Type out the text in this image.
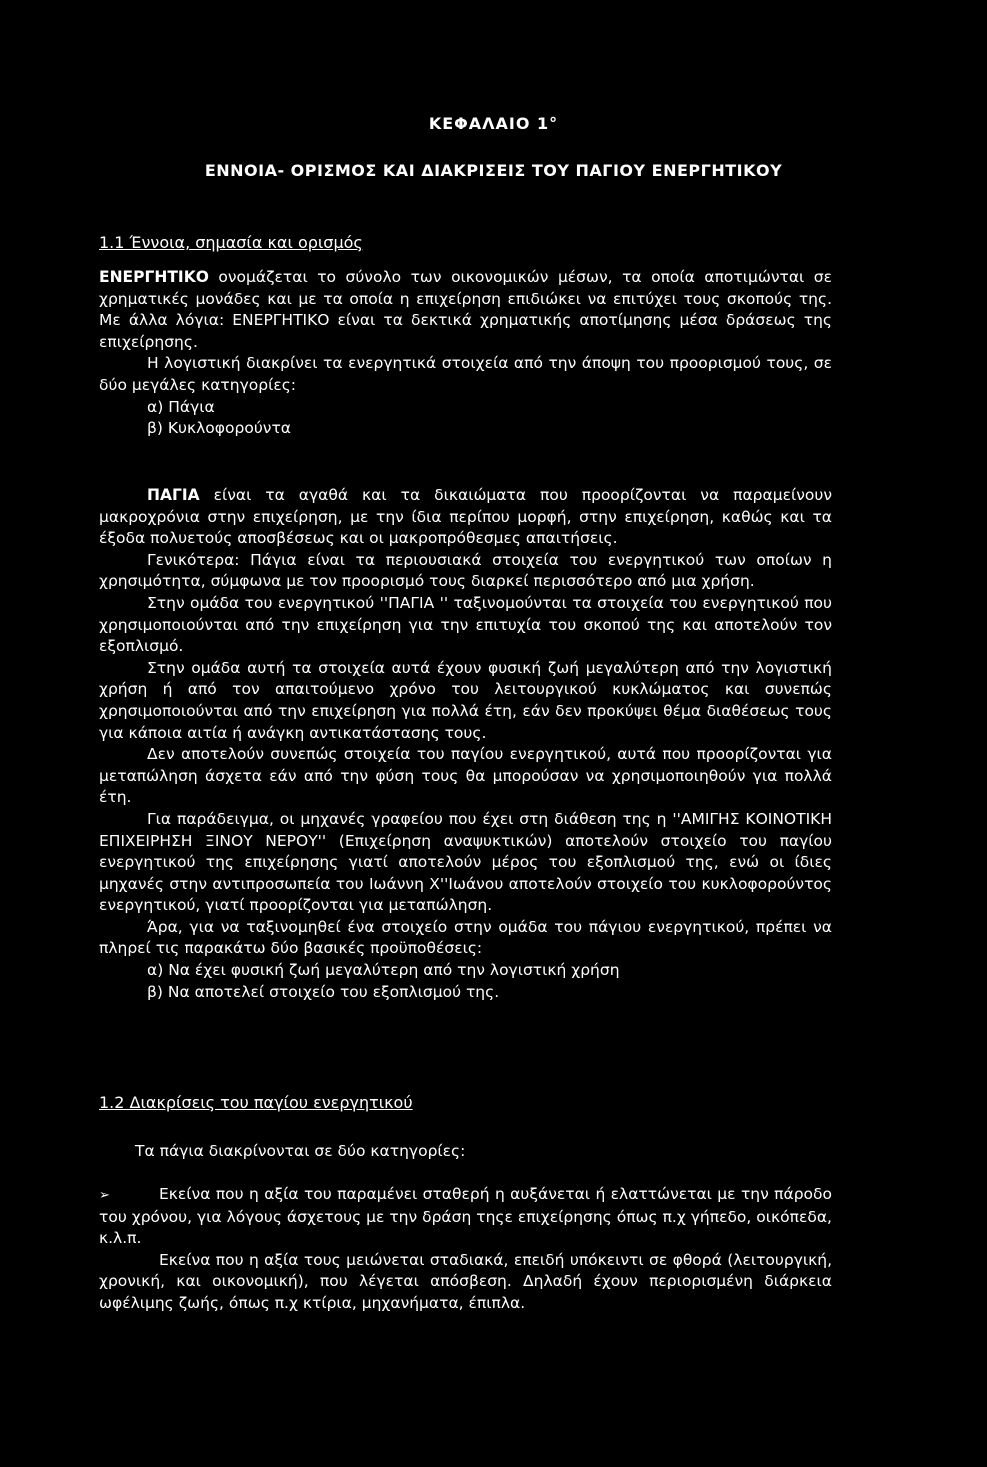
ΚΕΦΑΛΑΙΟ 1°
ΕΝΝΟΙΑ- ΟΡΙΣΜΟΣ ΚΑΙ ΔΙΑΚΡΙΣΕΙΣ ΤΟΥ ΠΑΓΙΟΥ ΕΝΕΡΓΗΤΙΚΟΥ
1.1 Έννοια, σημασία και ορισμός

ΕΝΕΡΓΗΤΙΚΟ ονομάζεται το σύνολο των οικονομικών μέσων, τα οποία αποτιμώνται σε χρηματικές μονάδες και με τα οποία η επιχείρηση επιδιώκει να επιτύχει τους σκοπούς της. Με άλλα λόγια: ΕΝΕΡΓΗΤΙΚΟ είναι τα δεκτικά χρηματικής αποτίμησης μέσα δράσεως της επιχείρησης.

Η λογιστική διακρίνει τα ενεργητικά στοιχεία από την άποψη του προορισμού τους, σε δύο μεγάλες κατηγορίες:

α) Πάγια

β) Κυκλοφορούντα

ΠΑΓΙΑ είναι τα αγαθά και τα δικαιώματα που προορίζονται να παραμείνουν μακροχρόνια στην επιχείρηση, με την ίδια περίπου μορφή, στην επιχείρηση, καθώς και τα έξοδα πολυετούς αποσβέσεως και οι μακροπρόθεσμες απαιτήσεις.

Γενικότερα: Πάγια είναι τα περιουσιακά στοιχεία του ενεργητικού των οποίων η χρησιμότητα, σύμφωνα με τον προορισμό τους διαρκεί περισσότερο από μια χρήση.

Στην ομάδα του ενεργητικού ''ΠΑΓΙΑ '' ταξινομούνται τα στοιχεία του ενεργητικού που χρησιμοποιούνται από την επιχείρηση για την επιτυχία του σκοπού της και αποτελούν τον εξοπλισμό.

Στην ομάδα αυτή τα στοιχεία αυτά έχουν φυσική ζωή μεγαλύτερη από την λογιστική χρήση ή από τον απαιτούμενο χρόνο του λειτουργικού κυκλώματος και συνεπώς χρησιμοποιούνται από την επιχείρηση για πολλά έτη, εάν δεν προκύψει θέμα διαθέσεως τους για κάποια αιτία ή ανάγκη αντικατάστασης τους.

Δεν αποτελούν συνεπώς στοιχεία του παγίου ενεργητικού, αυτά που προορίζονται για μεταπώληση άσχετα εάν από την φύση τους θα μπορούσαν να χρησιμοποιηθούν για πολλά έτη.

Για παράδειγμα, οι μηχανές γραφείου που έχει στη διάθεση της η ''ΑΜΙΓΗΣ ΚΟΙΝΟΤΙΚΗ ΕΠΙΧΕΙΡΗΣΗ ΞΙΝΟΥ ΝΕΡΟΥ'' (Επιχείρηση αναψυκτικών) αποτελούν στοιχείο του παγίου ενεργητικού της επιχείρησης γιατί αποτελούν μέρος του εξοπλισμού της, ενώ οι ίδιες μηχανές στην αντιπροσωπεία του Ιωάννη Χ''Ιωάνου αποτελούν στοιχείο του κυκλοφορούντος ενεργητικού, γιατί προορίζονται για μεταπώληση.

Άρα, για να ταξινομηθεί ένα στοιχείο στην ομάδα του πάγιου ενεργητικού, πρέπει να πληρεί τις παρακάτω δύο βασικές προϋποθέσεις:

α) Να έχει φυσική ζωή μεγαλύτερη από την λογιστική χρήση

β) Να αποτελεί στοιχείο του εξοπλισμού της.

1.2 Διακρίσεις του παγίου ενεργητικού

Τα πάγια διακρίνονται σε δύο κατηγορίες:

➢	Εκείνα που η αξία του παραμένει σταθερή η αυξάνεται ή ελαττώνεται με την πάροδο του χρόνου, για λόγους άσχετους με την δράση τηςε επιχείρησης όπως π.χ γήπεδο, οικόπεδα, κ.λ.π.

Εκείνα που η αξία τους μειώνεται σταδιακά, επειδή υπόκειντι σε φθορά (λειτουργική, χρονική, και οικονομική), που λέγεται απόσβεση. Δηλαδή έχουν περιορισμένη διάρκεια ωφέλιμης ζωής, όπως π.χ κτίρια, μηχανήματα, έπιπλα.
